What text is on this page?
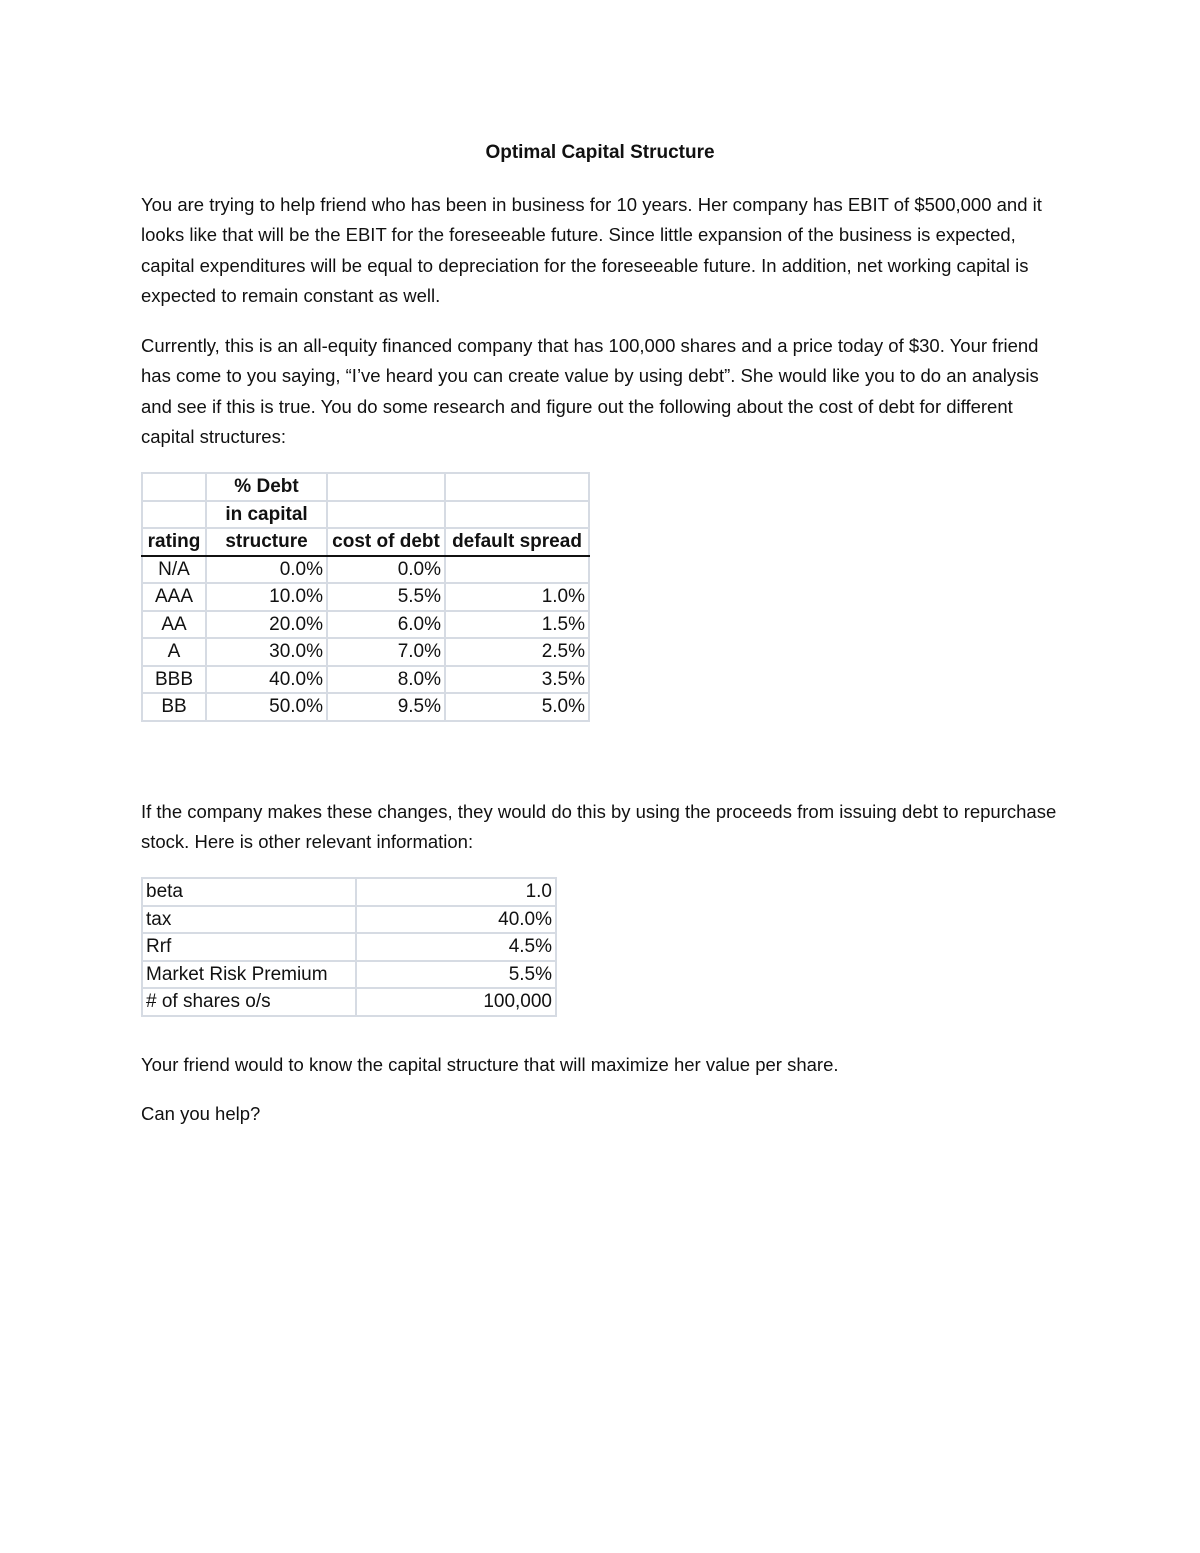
Optimal Capital Structure

You are trying to help friend who has been in business for 10 years. Her company has EBIT of $500,000 and it looks like that will be the EBIT for the foreseeable future. Since little expansion of the business is expected, capital expenditures will be equal to depreciation for the foreseeable future. In addition, net working capital is expected to remain constant as well.

Currently, this is an all-equity financed company that has 100,000 shares and a price today of $30. Your friend has come to you saying, “I’ve heard you can create value by using debt”. She would like you to do an analysis and see if this is true. You do some research and figure out the following about the cost of debt for different capital structures:

	% Debt		
	in capital		
rating	structure	cost of debt	default spread
N/A	0.0%	0.0%	
AAA	10.0%	5.5%	1.0%
AA	20.0%	6.0%	1.5%
A	30.0%	7.0%	2.5%
BBB	40.0%	8.0%	3.5%
BB	50.0%	9.5%	5.0%

If the company makes these changes, they would do this by using the proceeds from issuing debt to repurchase stock. Here is other relevant information:

beta	1.0
tax	40.0%
Rrf	4.5%
Market Risk Premium	5.5%
# of shares o/s	100,000

Your friend would to know the capital structure that will maximize her value per share.

Can you help?
